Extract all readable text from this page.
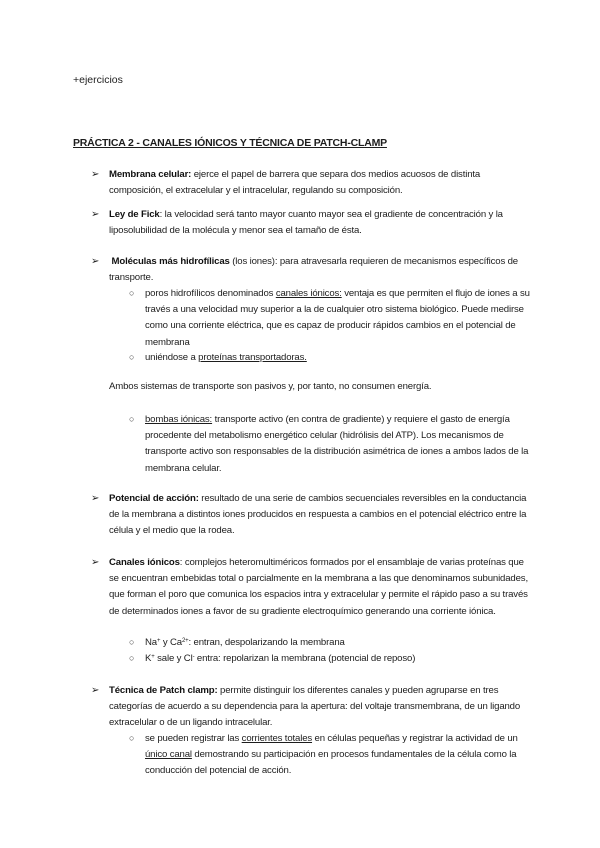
+ejercicios
PRÁCTICA 2 - CANALES IÓNICOS Y TÉCNICA DE PATCH-CLAMP
➢ Membrana celular: ejerce el papel de barrera que separa dos medios acuosos de distinta composición, el extracelular y el intracelular, regulando su composición.
➢ Ley de Fick: la velocidad será tanto mayor cuanto mayor sea el gradiente de concentración y la liposolubilidad de la molécula y menor sea el tamaño de ésta.
➢ Moléculas más hidrofílicas (los iones): para atravesarla requieren de mecanismos específicos de transporte.
○ poros hidrofílicos denominados canales iónicos: ventaja es que permiten el flujo de iones a su través a una velocidad muy superior a la de cualquier otro sistema biológico. Puede medirse como una corriente eléctrica, que es capaz de producir rápidos cambios en el potencial de membrana
○ uniéndose a proteínas transportadoras.
Ambos sistemas de transporte son pasivos y, por tanto, no consumen energía.
○ bombas iónicas: transporte activo (en contra de gradiente) y requiere el gasto de energía procedente del metabolismo energético celular (hidrólisis del ATP). Los mecanismos de transporte activo son responsables de la distribución asimétrica de iones a ambos lados de la membrana celular.
➢ Potencial de acción: resultado de una serie de cambios secuenciales reversibles en la conductancia de la membrana a distintos iones producidos en respuesta a cambios en el potencial eléctrico entre la célula y el medio que la rodea.
➢ Canales iónicos: complejos heteromultiméricos formados por el ensamblaje de varias proteínas que se encuentran embebidas total o parcialmente en la membrana a las que denominamos subunidades, que forman el poro que comunica los espacios intra y extracelular y permite el rápido paso a su través de determinados iones a favor de su gradiente electroquímico generando una corriente iónica.
○ Na+ y $Ca^{2+}$: entran, despolarizando la membrana
○ K+ sale y Cl- entra: repolarizan la membrana (potencial de reposo)
➢ Técnica de Patch clamp: permite distinguir los diferentes canales y pueden agruparse en tres categorías de acuerdo a su dependencia para la apertura: del voltaje transmembrana, de un ligando extracelular o de un ligando intracelular.
○ se pueden registrar las corrientes totales en células pequeñas y registrar la actividad de un único canal demostrando su participación en procesos fundamentales de la célula como la conducción del potencial de acción.
